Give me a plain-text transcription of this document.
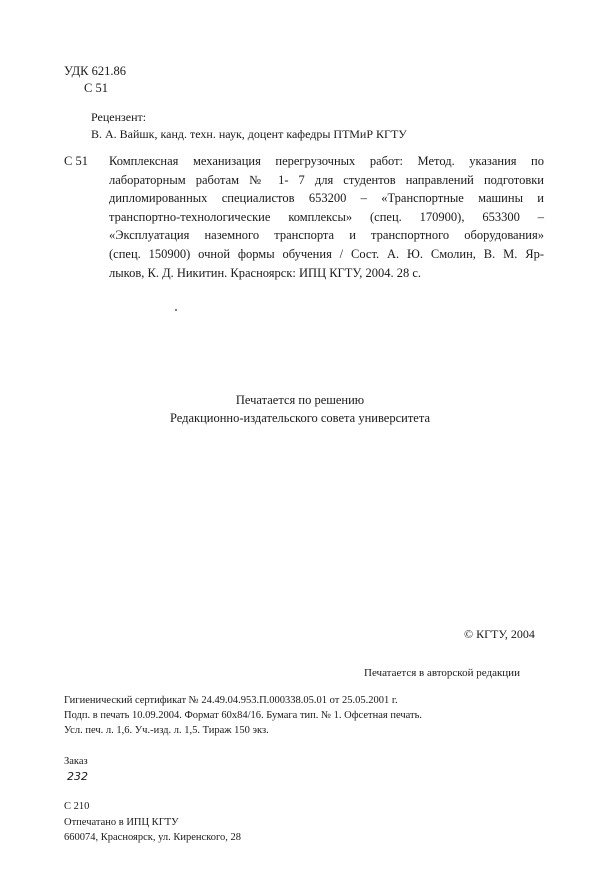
УДК 621.86
С 51
Рецензент:
В. А. Вайшк, канд. техн. наук, доцент кафедры ПТМиР КГТУ
С 51 Комплексная механизация перегрузочных работ: Метод. указания по
лабораторным работам № 1- 7 для студентов направлений подготовки
дипломированных специалистов 653200 – «Транспортные машины и
транспортно-технологические комплексы» (спец. 170900), 653300 –
«Эксплуатация наземного транспорта и транспортного оборудования»
(спец. 150900) очной формы обучения / Сост. А. Ю. Смолин, В. М. Яр-
лыков, К. Д. Никитин. Красноярск: ИПЦ КГТУ, 2004. 28 с.
Печатается по решению
Редакционно-издательского совета университета
© КГТУ, 2004
Печатается в авторской редакции
Гигиенический сертификат № 24.49.04.953.П.000338.05.01 от 25.05.2001 г.
Подп. в печать 10.09.2004. Формат 60х84/16. Бумага тип. № 1. Офсетная печать.
Усл. печ. л. 1,6. Уч.-изд. л. 1,5. Тираж 150 экз.

Заказ
232

С 210
Отпечатано в ИПЦ КГТУ
660074, Красноярск, ул. Киренского, 28
